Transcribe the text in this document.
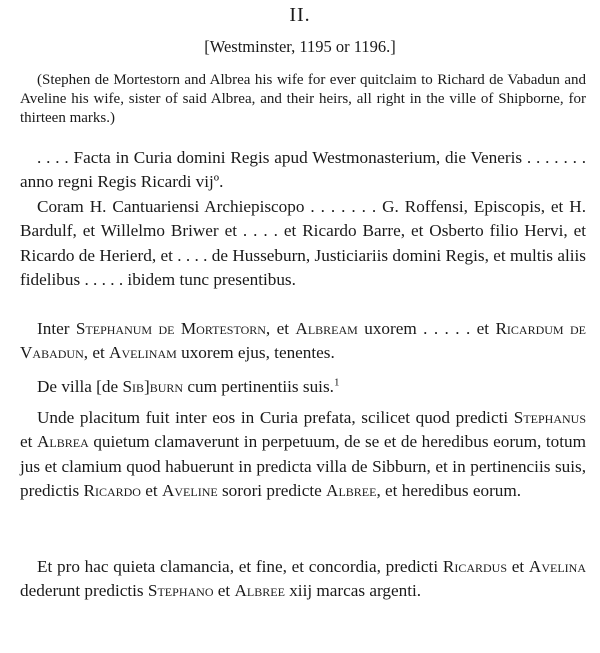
II.
[Westminster, 1195 or 1196.]
(Stephen de Mortestorn and Albrea his wife for ever quitclaim to Richard de Vabadun and Aveline his wife, sister of said Albrea, and their heirs, all right in the ville of Shipborne, for thirteen marks.)
. . . . Facta in Curia domini Regis apud Westmonasterium, die Veneris . . . . . . . anno regni Regis Ricardi vijº.
Coram H. Cantuariensi Archiepiscopo . . . . . . . G. Roffensi, Episcopis, et H. Bardulf, et Willelmo Briwer et . . . . et Ricardo Barre, et Osberto filio Hervi, et Ricardo de Herierd, et . . . . de Husseburn, Justiciariis domini Regis, et multis aliis fidelibus . . . . . ibidem tunc presentibus.
Inter Stephanum de Mortestorn, et Albream uxorem . . . . . et Ricardum de Vabadun, et Avelinam uxorem ejus, tenentes.
De villa [de Sib]burn cum pertinentiis suis.$^1$
Unde placitum fuit inter eos in Curia prefata, scilicet quod predicti Stephanus et Albrea quietum clamaverunt in perpetuum, de se et de heredibus eorum, totum jus et clamium quod habuerunt in predicta villa de Sibburn, et in pertinenciis suis, predictis Ricardo et Aveline sorori predicte Albree, et heredibus eorum.
Et pro hac quieta clamancia, et fine, et concordia, predicti Ricardus et Avelina dederunt predictis Stephano et Albree xiij marcas argenti.
